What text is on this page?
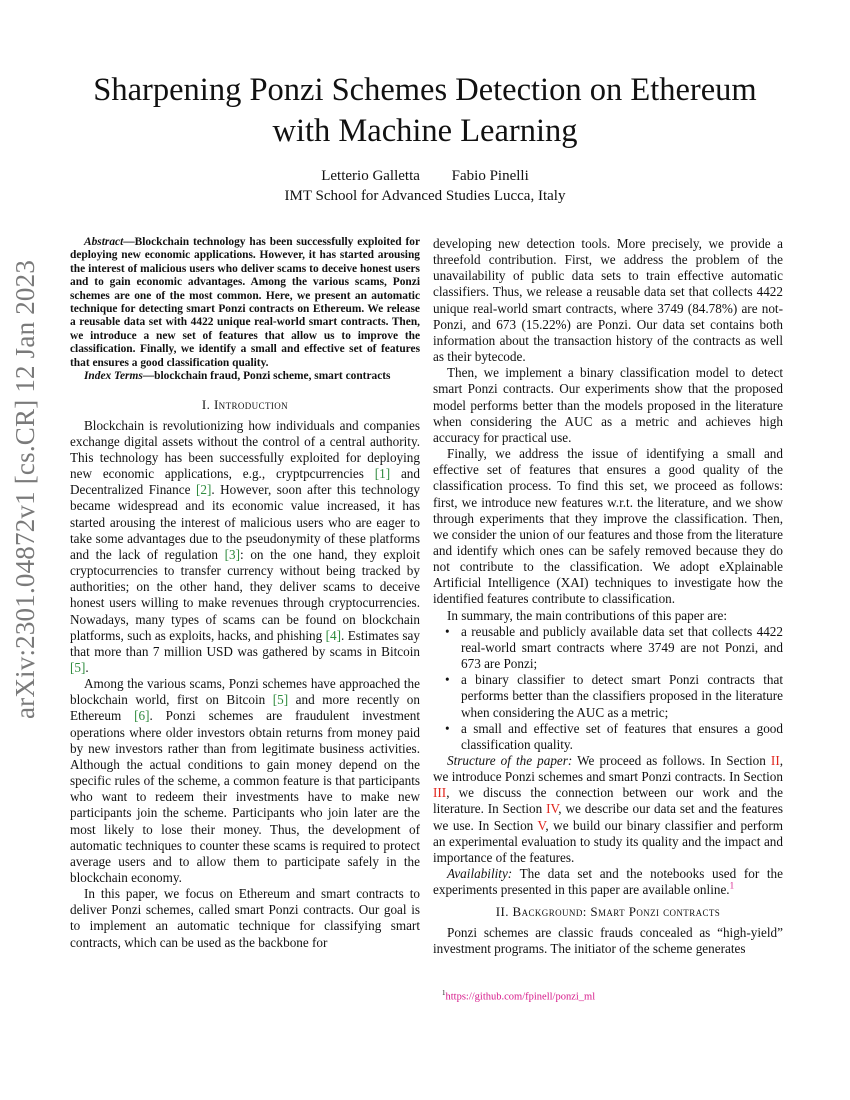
arXiv:2301.04872v1 [cs.CR] 12 Jan 2023
Sharpening Ponzi Schemes Detection on Ethereum
with Machine Learning
Letterio Galletta Fabio Pinelli
IMT School for Advanced Studies Lucca, Italy

Abstract—Blockchain technology has been successfully exploited for deploying new economic applications. However, it has started arousing the interest of malicious users who deliver scams to deceive honest users and to gain economic advantages. Among the various scams, Ponzi schemes are one of the most common. Here, we present an automatic technique for detecting smart Ponzi contracts on Ethereum. We release a reusable data set with 4422 unique real-world smart contracts. Then, we introduce a new set of features that allow us to improve the classification. Finally, we identify a small and effective set of features that ensures a good classification quality.

Index Terms—blockchain fraud, Ponzi scheme, smart contracts

I. Introduction

Blockchain is revolutionizing how individuals and companies exchange digital assets without the control of a central authority. This technology has been successfully exploited for deploying new economic applications, e.g., cryptpcurrencies [1] and Decentralized Finance [2]. However, soon after this technology became widespread and its economic value increased, it has started arousing the interest of malicious users who are eager to take some advantages due to the pseudonymity of these platforms and the lack of regulation [3]: on the one hand, they exploit cryptocurrencies to transfer currency without being tracked by authorities; on the other hand, they deliver scams to deceive honest users willing to make revenues through cryptocurrencies. Nowadays, many types of scams can be found on blockchain platforms, such as exploits, hacks, and phishing [4]. Estimates say that more than 7 million USD was gathered by scams in Bitcoin [5].

Among the various scams, Ponzi schemes have approached the blockchain world, first on Bitcoin [5] and more recently on Ethereum [6]. Ponzi schemes are fraudulent investment operations where older investors obtain returns from money paid by new investors rather than from legitimate business activities. Although the actual conditions to gain money depend on the specific rules of the scheme, a common feature is that participants who want to redeem their investments have to make new participants join the scheme. Participants who join later are the most likely to lose their money. Thus, the development of automatic techniques to counter these scams is required to protect average users and to allow them to participate safely in the blockchain economy.

In this paper, we focus on Ethereum and smart contracts to deliver Ponzi schemes, called smart Ponzi contracts. Our goal is to implement an automatic technique for classifying smart contracts, which can be used as the backbone for

developing new detection tools. More precisely, we provide a threefold contribution. First, we address the problem of the unavailability of public data sets to train effective automatic classifiers. Thus, we release a reusable data set that collects 4422 unique real-world smart contracts, where 3749 (84.78%) are not-Ponzi, and 673 (15.22%) are Ponzi. Our data set contains both information about the transaction history of the contracts as well as their bytecode.

Then, we implement a binary classification model to detect smart Ponzi contracts. Our experiments show that the proposed model performs better than the models proposed in the literature when considering the AUC as a metric and achieves high accuracy for practical use.

Finally, we address the issue of identifying a small and effective set of features that ensures a good quality of the classification process. To find this set, we proceed as follows: first, we introduce new features w.r.t. the literature, and we show through experiments that they improve the classification. Then, we consider the union of our features and those from the literature and identify which ones can be safely removed because they do not contribute to the classification. We adopt eXplainable Artificial Intelligence (XAI) techniques to investigate how the identified features contribute to classification.

In summary, the main contributions of this paper are:

• a reusable and publicly available data set that collects 4422 real-world smart contracts where 3749 are not Ponzi, and 673 are Ponzi;
• a binary classifier to detect smart Ponzi contracts that performs better than the classifiers proposed in the literature when considering the AUC as a metric;
• a small and effective set of features that ensures a good classification quality.

Structure of the paper: We proceed as follows. In Section II, we introduce Ponzi schemes and smart Ponzi contracts. In Section III, we discuss the connection between our work and the literature. In Section IV, we describe our data set and the features we use. In Section V, we build our binary classifier and perform an experimental evaluation to study its quality and the impact and importance of the features.

Availability: The data set and the notebooks used for the experiments presented in this paper are available online.$^1$

II. Background: Smart Ponzi contracts

Ponzi schemes are classic frauds concealed as “high-yield” investment programs. The initiator of the scheme generates

$^1$https://github.com/fpinell/ponzi_ml
